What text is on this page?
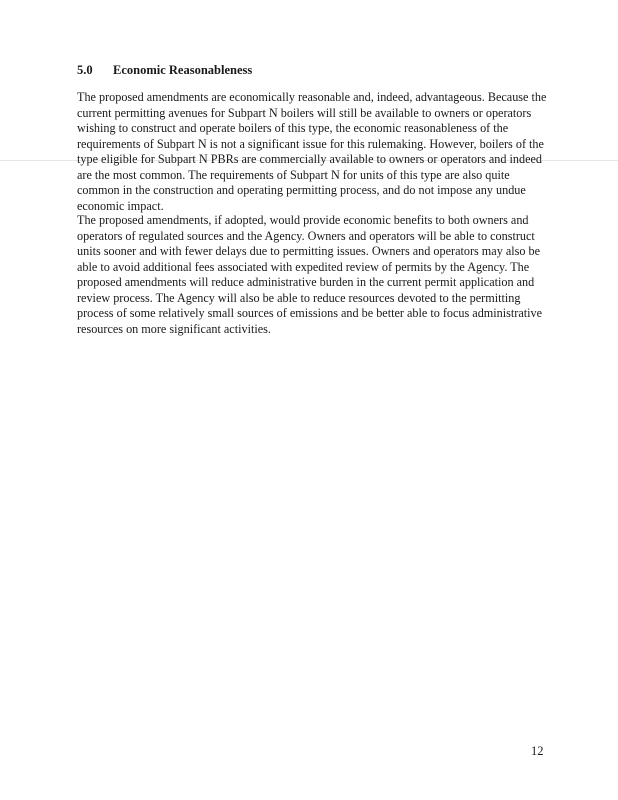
5.0 Economic Reasonableness
The proposed amendments are economically reasonable and, indeed, advantageous. Because the
current permitting avenues for Subpart N boilers will still be available to owners or operators
wishing to construct and operate boilers of this type, the economic reasonableness of the
requirements of Subpart N is not a significant issue for this rulemaking. However, boilers of the
type eligible for Subpart N PBRs are commercially available to owners or operators and indeed
are the most common. The requirements of Subpart N for units of this type are also quite
common in the construction and operating permitting process, and do not impose any undue
economic impact.
The proposed amendments, if adopted, would provide economic benefits to both owners and
operators of regulated sources and the Agency. Owners and operators will be able to construct
units sooner and with fewer delays due to permitting issues. Owners and operators may also be
able to avoid additional fees associated with expedited review of permits by the Agency. The
proposed amendments will reduce administrative burden in the current permit application and
review process. The Agency will also be able to reduce resources devoted to the permitting
process of some relatively small sources of emissions and be better able to focus administrative
resources on more significant activities.
12
